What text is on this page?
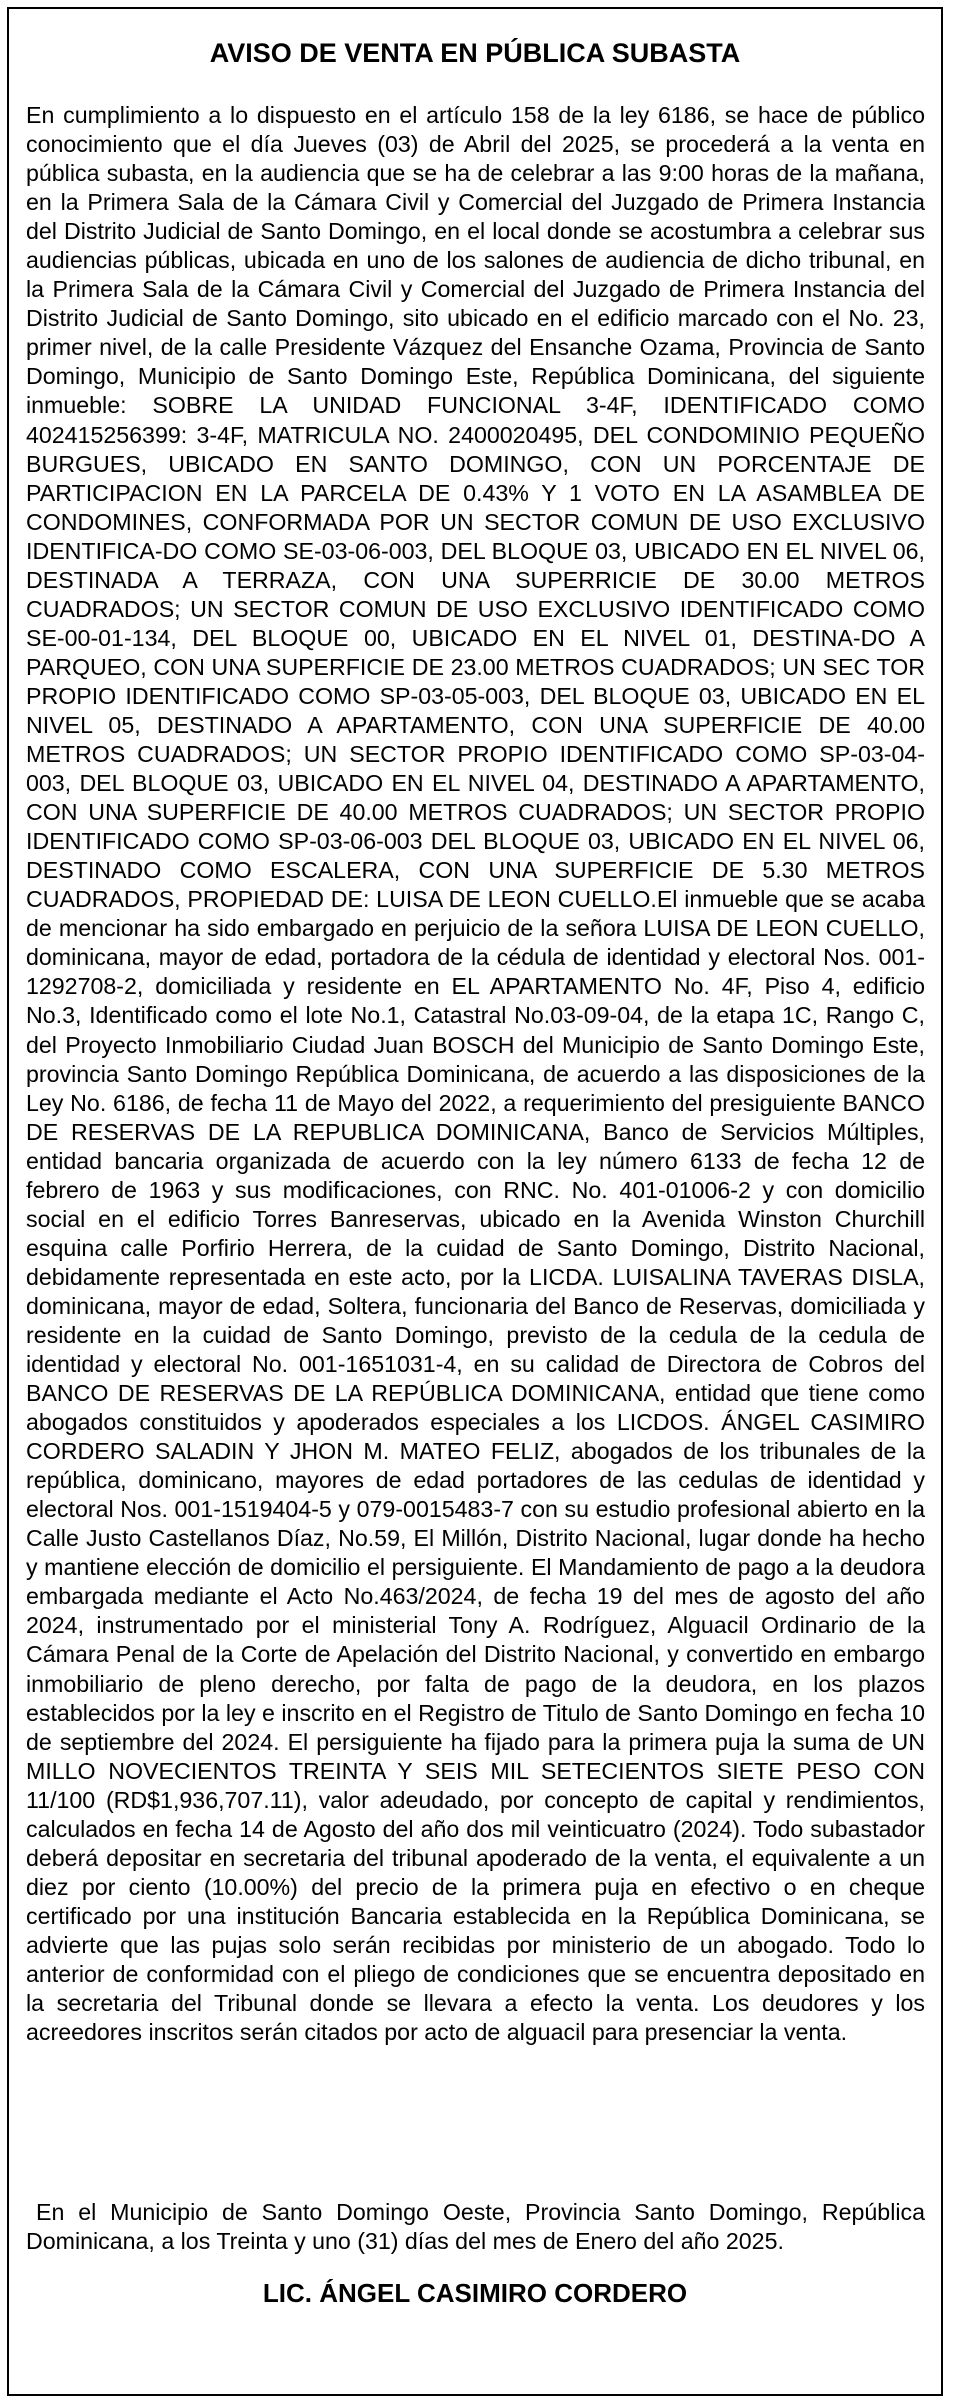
AVISO DE VENTA EN PÚBLICA SUBASTA

En cumplimiento a lo dispuesto en el artículo 158 de la ley 6186, se hace de público conocimiento que el día Jueves (03) de Abril del 2025, se procederá a la venta en pública subasta, en la audiencia que se ha de celebrar a las 9:00 horas de la mañana, en la Primera Sala de la Cámara Civil y Comercial del Juzgado de Primera Instancia del Distrito Judicial de Santo Domingo, en el local donde se acostumbra a celebrar sus audiencias públicas, ubicada en uno de los salones de audiencia de dicho tribunal, en la Primera Sala de la Cámara Civil y Comercial del Juzgado de Primera Instancia del Distrito Judicial de Santo Domingo, sito ubicado en el edificio marcado con el No. 23, primer nivel, de la calle Presidente Vázquez del Ensanche Ozama, Provincia de Santo Domingo, Municipio de Santo Domingo Este, República Dominicana, del siguiente inmueble: SOBRE LA UNIDAD FUNCIONAL 3-4F, IDENTIFICADO COMO 402415256399: 3-4F, MATRICULA NO. 2400020495, DEL CONDOMINIO PEQUEÑO BURGUES, UBICADO EN SANTO DOMINGO, CON UN PORCENTAJE DE PARTICIPACION EN LA PARCELA DE 0.43% Y 1 VOTO EN LA ASAMBLEA DE CONDOMINES, CONFORMADA POR UN SECTOR COMUN DE USO EXCLUSIVO IDENTIFICA-DO COMO SE-03-06-003, DEL BLOQUE 03, UBICADO EN EL NIVEL 06, DESTINADA A TERRAZA, CON UNA SUPERRICIE DE 30.00 METROS CUADRADOS; UN SECTOR COMUN DE USO EXCLUSIVO IDENTIFICADO COMO SE-00-01-134, DEL BLOQUE 00, UBICADO EN EL NIVEL 01, DESTINA-DO A PARQUEO, CON UNA SUPERFICIE DE 23.00 METROS CUADRADOS; UN SEC TOR PROPIO IDENTIFICADO COMO SP-03-05-003, DEL BLOQUE 03, UBICADO EN EL NIVEL 05, DESTINADO A APARTAMENTO, CON UNA SUPERFICIE DE 40.00 METROS CUADRADOS; UN SECTOR PROPIO IDENTIFICADO COMO SP-03-04-003, DEL BLOQUE 03, UBICADO EN EL NIVEL 04, DESTINADO A APARTAMENTO, CON UNA SUPERFICIE DE 40.00 METROS CUADRADOS; UN SECTOR PROPIO IDENTIFICADO COMO SP-03-06-003 DEL BLOQUE 03, UBICADO EN EL NIVEL 06, DESTINADO COMO ESCALERA, CON UNA SUPERFICIE DE 5.30 METROS CUADRADOS, PROPIEDAD DE: LUISA DE LEON CUELLO.El inmueble que se acaba de mencionar ha sido embargado en perjuicio de la señora LUISA DE LEON CUELLO, dominicana, mayor de edad, portadora de la cédula de identidad y electoral Nos. 001-1292708-2, domiciliada y residente en EL APARTAMENTO No. 4F, Piso 4, edificio No.3, Identificado como el lote No.1, Catastral No.03-09-04, de la etapa 1C, Rango C, del Proyecto Inmobiliario Ciudad Juan BOSCH del Municipio de Santo Domingo Este, provincia Santo Domingo República Dominicana, de acuerdo a las disposiciones de la Ley No. 6186, de fecha 11 de Mayo del 2022, a requerimiento del presiguiente BANCO DE RESERVAS DE LA REPUBLICA DOMINICANA, Banco de Servicios Múltiples, entidad bancaria organizada de acuerdo con la ley número 6133 de fecha 12 de febrero de 1963 y sus modificaciones, con RNC. No. 401-01006-2 y con domicilio social en el edificio Torres Banreservas, ubicado en la Avenida Winston Churchill esquina calle Porfirio Herrera, de la cuidad de Santo Domingo, Distrito Nacional, debidamente representada en este acto, por la LICDA. LUISALINA TAVERAS DISLA, dominicana, mayor de edad, Soltera, funcionaria del Banco de Reservas, domiciliada y residente en la cuidad de Santo Domingo, previsto de la cedula de la cedula de identidad y electoral No. 001-1651031-4, en su calidad de Directora de Cobros del BANCO DE RESERVAS DE LA REPÚBLICA DOMINICANA, entidad que tiene como abogados constituidos y apoderados especiales a los LICDOS. ÁNGEL CASIMIRO CORDERO SALADIN Y JHON M. MATEO FELIZ, abogados de los tribunales de la república, dominicano, mayores de edad portadores de las cedulas de identidad y electoral Nos. 001-1519404-5 y 079-0015483-7 con su estudio profesional abierto en la Calle Justo Castellanos Díaz, No.59, El Millón, Distrito Nacional, lugar donde ha hecho y mantiene elección de domicilio el persiguiente. El Mandamiento de pago a la deudora embargada mediante el Acto No.463/2024, de fecha 19 del mes de agosto del año 2024, instrumentado por el ministerial Tony A. Rodríguez, Alguacil Ordinario de la Cámara Penal de la Corte de Apelación del Distrito Nacional, y convertido en embargo inmobiliario de pleno derecho, por falta de pago de la deudora, en los plazos establecidos por la ley e inscrito en el Registro de Titulo de Santo Domingo en fecha 10 de septiembre del 2024. El persiguiente ha fijado para la primera puja la suma de UN MILLO NOVECIENTOS TREINTA Y SEIS MIL SETECIENTOS SIETE PESO CON 11/100 (RD$1,936,707.11), valor adeudado, por concepto de capital y rendimientos, calculados en fecha 14 de Agosto del año dos mil veinticuatro (2024). Todo subastador deberá depositar en secretaria del tribunal apoderado de la venta, el equivalente a un diez por ciento (10.00%) del precio de la primera puja en efectivo o en cheque certificado por una institución Bancaria establecida en la República Dominicana, se advierte que las pujas solo serán recibidas por ministerio de un abogado. Todo lo anterior de conformidad con el pliego de condiciones que se encuentra depositado en la secretaria del Tribunal donde se llevara a efecto la venta. Los deudores y los acreedores inscritos serán citados por acto de alguacil para presenciar la venta.

En el Municipio de Santo Domingo Oeste, Provincia Santo Domingo, República Dominicana, a los Treinta y uno (31) días del mes de Enero del año 2025.

LIC. ÁNGEL CASIMIRO CORDERO
